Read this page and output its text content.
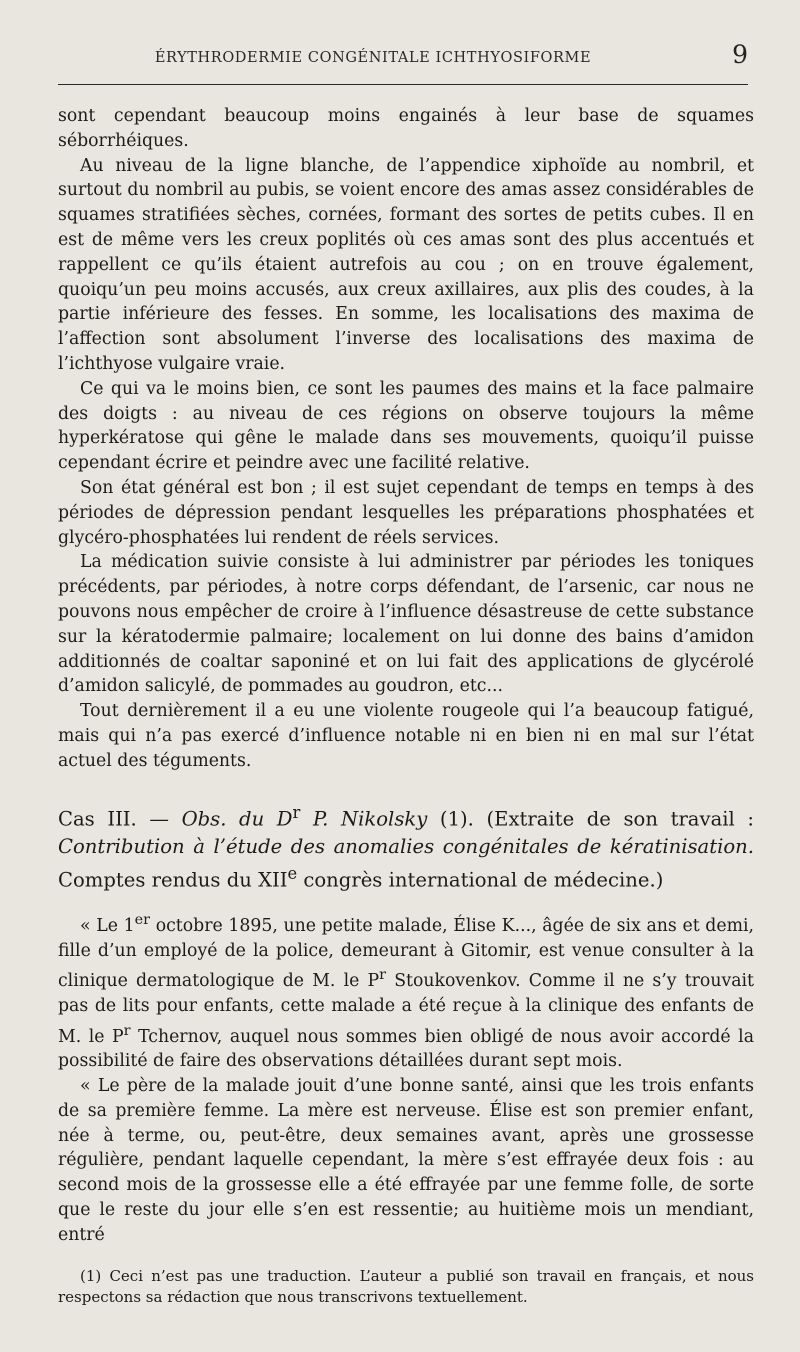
ÉRYTHRODERMIE CONGÉNITALE ICHTHYOSIFORME	9

sont cependant beaucoup moins engainés à leur base de squames séborrhéiques.

Au niveau de la ligne blanche, de l’appendice xiphoïde au nombril, et surtout du nombril au pubis, se voient encore des amas assez considérables de squames stratifiées sèches, cornées, formant des sortes de petits cubes. Il en est de même vers les creux poplités où ces amas sont des plus accentués et rappellent ce qu’ils étaient autrefois au cou ; on en trouve également, quoiqu’un peu moins accusés, aux creux axillaires, aux plis des coudes, à la partie inférieure des fesses. En somme, les localisations des maxima de l’affection sont absolument l’inverse des localisations des maxima de l’ichthyose vulgaire vraie.

Ce qui va le moins bien, ce sont les paumes des mains et la face palmaire des doigts : au niveau de ces régions on observe toujours la même hyperkératose qui gêne le malade dans ses mouvements, quoiqu’il puisse cependant écrire et peindre avec une facilité relative.

Son état général est bon ; il est sujet cependant de temps en temps à des périodes de dépression pendant lesquelles les préparations phosphatées et glycéro-phosphatées lui rendent de réels services.

La médication suivie consiste à lui administrer par périodes les toniques précédents, par périodes, à notre corps défendant, de l’arsenic, car nous ne pouvons nous empêcher de croire à l’influence désastreuse de cette substance sur la kératodermie palmaire; localement on lui donne des bains d’amidon additionnés de coaltar saponiné et on lui fait des applications de glycérolé d’amidon salicylé, de pommades au goudron, etc...

Tout dernièrement il a eu une violente rougeole qui l’a beaucoup fatigué, mais qui n’a pas exercé d’influence notable ni en bien ni en mal sur l’état actuel des téguments.

Cas III. — Obs. du $D^r$ P. Nikolsky (1). (Extraite de son travail : Contribution à l’étude des anomalies congénitales de kératinisation. Comptes rendus du XIIe congrès international de médecine.)

« Le 1er octobre 1895, une petite malade, Élise K..., âgée de six ans et demi, fille d’un employé de la police, demeurant à Gitomir, est venue consulter à la clinique dermatologique de M. le $P^r$ Stoukovenkov. Comme il ne s’y trouvait pas de lits pour enfants, cette malade a été reçue à la clinique des enfants de M. le $P^r$ Tchernov, auquel nous sommes bien obligé de nous avoir accordé la possibilité de faire des observations détaillées durant sept mois.

« Le père de la malade jouit d’une bonne santé, ainsi que les trois enfants de sa première femme. La mère est nerveuse. Élise est son premier enfant, née à terme, ou, peut-être, deux semaines avant, après une grossesse régulière, pendant laquelle cependant, la mère s’est effrayée deux fois : au second mois de la grossesse elle a été effrayée par une femme folle, de sorte que le reste du jour elle s’en est ressentie; au huitième mois un mendiant, entré

(1) Ceci n’est pas une traduction. L’auteur a publié son travail en français, et nous respectons sa rédaction que nous transcrivons textuellement.
